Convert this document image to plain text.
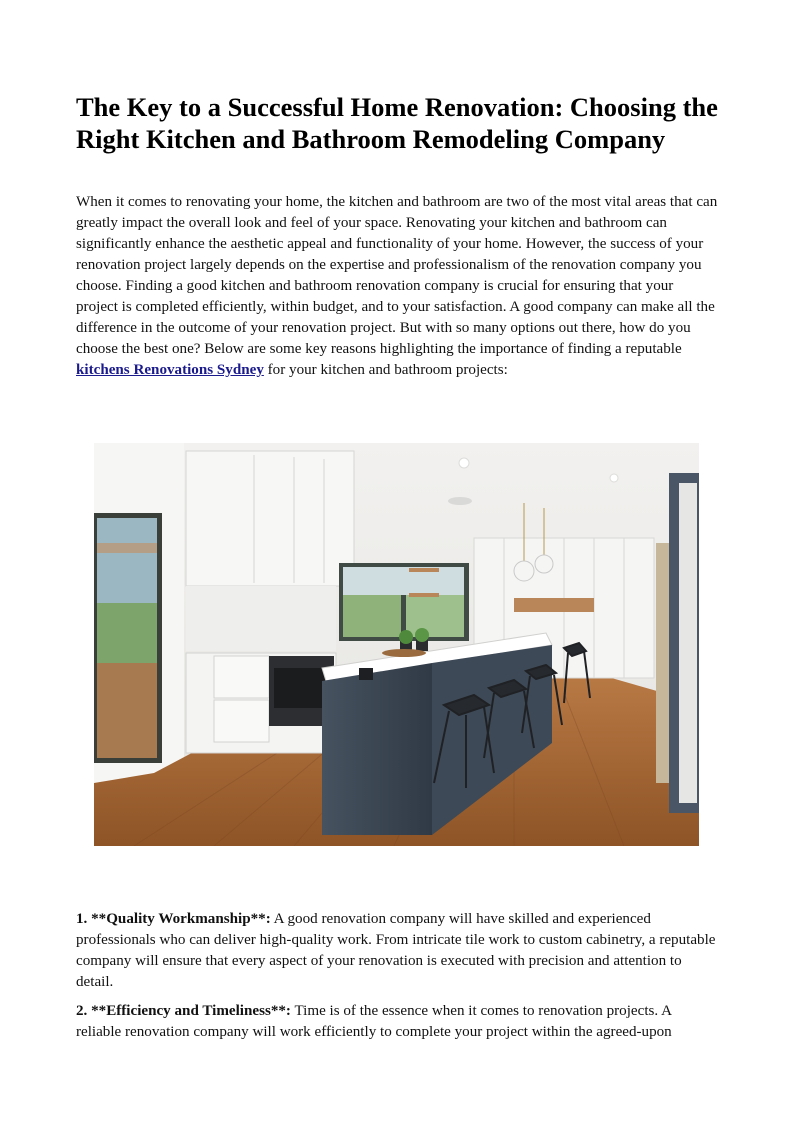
The Key to a Successful Home Renovation: Choosing the Right Kitchen and Bathroom Remodeling Company

When it comes to renovating your home, the kitchen and bathroom are two of the most vital areas that can greatly impact the overall look and feel of your space. Renovating your kitchen and bathroom can significantly enhance the aesthetic appeal and functionality of your home. However, the success of your renovation project largely depends on the expertise and professionalism of the renovation company you choose. Finding a good kitchen and bathroom renovation company is crucial for ensuring that your project is completed efficiently, within budget, and to your satisfaction. A good company can make all the difference in the outcome of your renovation project. But with so many options out there, how do you choose the best one? Below are some key reasons highlighting the importance of finding a reputable kitchens Renovations Sydney for your kitchen and bathroom projects:

1. **Quality Workmanship**: A good renovation company will have skilled and experienced professionals who can deliver high-quality work. From intricate tile work to custom cabinetry, a reputable company will ensure that every aspect of your renovation is executed with precision and attention to detail.

2. **Efficiency and Timeliness**: Time is of the essence when it comes to renovation projects. A reliable renovation company will work efficiently to complete your project within the agreed-upon
